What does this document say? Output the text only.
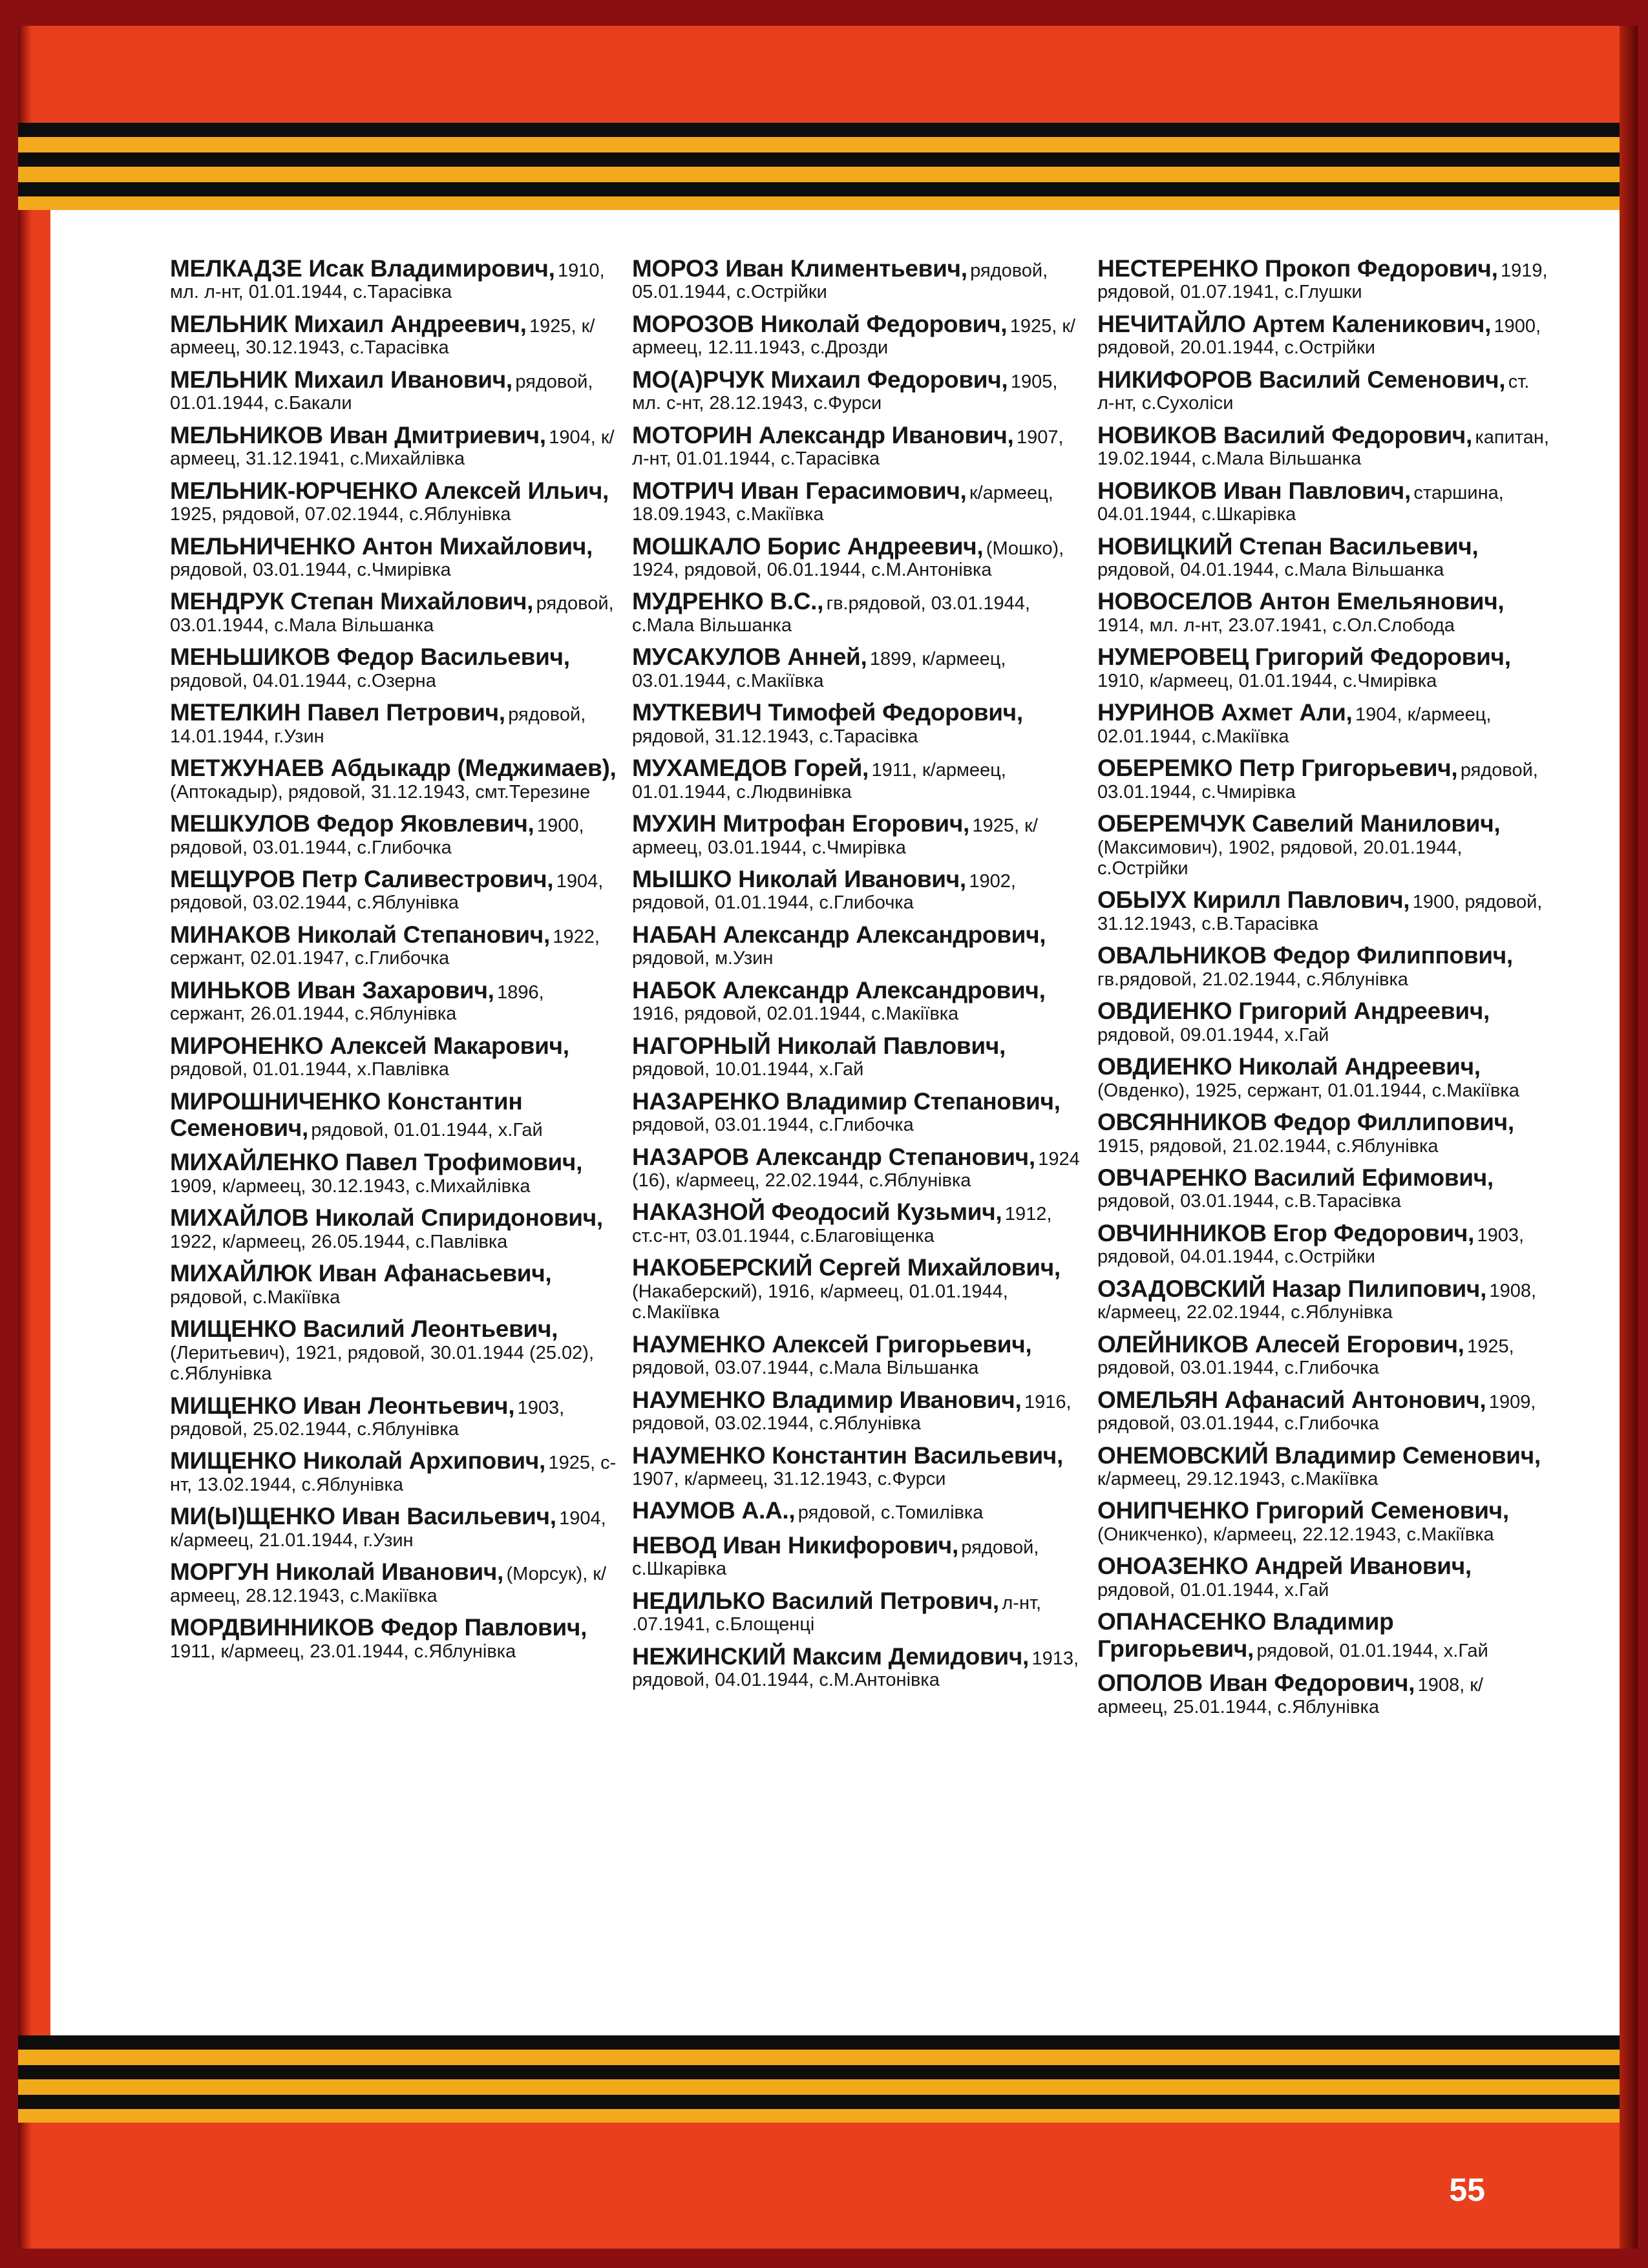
МЕЛКАДЗЕ Исак Владимирович, 1910, мл. л-нт, 01.01.1944, с.Тарасівка
МЕЛЬНИК Михаил Андреевич, 1925, к/армеец, 30.12.1943, с.Тарасівка
МЕЛЬНИК Михаил Иванович, рядовой, 01.01.1944, с.Бакали
МЕЛЬНИКОВ Иван Дмитриевич, 1904, к/армеец, 31.12.1941, с.Михайлівка
МЕЛЬНИК-ЮРЧЕНКО Алексей Ильич, 1925, рядовой, 07.02.1944, с.Яблунівка
МЕЛЬНИЧЕНКО Антон Михайлович, рядовой, 03.01.1944, с.Чмирівка
МЕНДРУК Степан Михайлович, рядовой, 03.01.1944, с.Мала Вільшанка
МЕНЬШИКОВ Федор Васильевич, рядовой, 04.01.1944, с.Озерна
МЕТЕЛКИН Павел Петрович, рядовой, 14.01.1944, г.Узин
МЕТЖУНАЕВ Абдыкадр (Меджимаев), (Аптокадыр), рядовой, 31.12.1943, смт.Терезине
МЕШКУЛОВ Федор Яковлевич, 1900, рядовой, 03.01.1944, с.Глибочка
МЕЩУРОВ Петр Саливестрович, 1904, рядовой, 03.02.1944, с.Яблунівка
МИНАКОВ Николай Степанович, 1922, сержант, 02.01.1947, с.Глибочка
МИНЬКОВ Иван Захарович, 1896, сержант, 26.01.1944, с.Яблунівка
МИРОНЕНКО Алексей Макарович, рядовой, 01.01.1944, х.Павлівка
МИРОШНИЧЕНКО Константин Семенович, рядовой, 01.01.1944, х.Гай
МИХАЙЛЕНКО Павел Трофимович, 1909, к/армеец, 30.12.1943, с.Михайлівка
МИХАЙЛОВ Николай Спиридонович, 1922, к/армеец, 26.05.1944, с.Павлівка
МИХАЙЛЮК Иван Афанасьевич, рядовой, с.Макіївка
МИЩЕНКО Василий Леонтьевич, (Леритьевич), 1921, рядовой, 30.01.1944 (25.02), с.Яблунівка
МИЩЕНКО Иван Леонтьевич, 1903, рядовой, 25.02.1944, с.Яблунівка
МИЩЕНКО Николай Архипович, 1925, с-нт, 13.02.1944, с.Яблунівка
МИ(Ы)ЩЕНКО Иван Васильевич, 1904, к/армеец, 21.01.1944, г.Узин
МОРГУН Николай Иванович, (Морсук), к/армеец, 28.12.1943, с.Макіївка
МОРДВИННИКОВ Федор Павлович, 1911, к/армеец, 23.01.1944, с.Яблунівка
МОРОЗ Иван Климентьевич, рядовой, 05.01.1944, с.Острійки
МОРОЗОВ Николай Федорович, 1925, к/армеец, 12.11.1943, с.Дрозди
МО(А)РЧУК Михаил Федорович, 1905, мл. с-нт, 28.12.1943, с.Фурси
МОТОРИН Александр Иванович, 1907, л-нт, 01.01.1944, с.Тарасівка
МОТРИЧ Иван Герасимович, к/армеец, 18.09.1943, с.Макіївка
МОШКАЛО Борис Андреевич, (Мошко), 1924, рядовой, 06.01.1944, с.М.Антонівка
МУДРЕНКО В.С., гв.рядовой, 03.01.1944, с.Мала Вільшанка
МУСАКУЛОВ Анней, 1899, к/армеец, 03.01.1944, с.Макіївка
МУТКЕВИЧ Тимофей Федорович, рядовой, 31.12.1943, с.Тарасівка
МУХАМЕДОВ Горей, 1911, к/армеец, 01.01.1944, с.Людвинівка
МУХИН Митрофан Егорович, 1925, к/армеец, 03.01.1944, с.Чмирівка
МЫШКО Николай Иванович, 1902, рядовой, 01.01.1944, с.Глибочка
НАБАН Александр Александрович, рядовой, м.Узин
НАБОК Александр Александрович, 1916, рядовой, 02.01.1944, с.Макіївка
НАГОРНЫЙ Николай Павлович, рядовой, 10.01.1944, х.Гай
НАЗАРЕНКО Владимир Степанович, рядовой, 03.01.1944, с.Глибочка
НАЗАРОВ Александр Степанович, 1924 (16), к/армеец, 22.02.1944, с.Яблунівка
НАКАЗНОЙ Феодосий Кузьмич, 1912, ст.с-нт, 03.01.1944, с.Благовіщенка
НАКОБЕРСКИЙ Сергей Михайлович, (Накаберский), 1916, к/армеец, 01.01.1944, с.Макіївка
НАУМЕНКО Алексей Григорьевич, рядовой, 03.07.1944, с.Мала Вільшанка
НАУМЕНКО Владимир Иванович, 1916, рядовой, 03.02.1944, с.Яблунівка
НАУМЕНКО Константин Васильевич, 1907, к/армеец, 31.12.1943, с.Фурси
НАУМОВ А.А., рядовой, с.Томилівка
НЕВОД Иван Никифорович, рядовой, с.Шкарівка
НЕДИЛЬКО Василий Петрович, л-нт, .07.1941, с.Блощенці
НЕЖИНСКИЙ Максим Демидович, 1913, рядовой, 04.01.1944, с.М.Антонівка
НЕСТЕРЕНКО Прокоп Федорович, 1919, рядовой, 01.07.1941, с.Глушки
НЕЧИТАЙЛО Артем Каленикович, 1900, рядовой, 20.01.1944, с.Острійки
НИКИФОРОВ Василий Семенович, ст. л-нт, с.Сухоліси
НОВИКОВ Василий Федорович, капитан, 19.02.1944, с.Мала Вільшанка
НОВИКОВ Иван Павлович, старшина, 04.01.1944, с.Шкарівка
НОВИЦКИЙ Степан Васильевич, рядовой, 04.01.1944, с.Мала Вільшанка
НОВОСЕЛОВ Антон Емельянович, 1914, мл. л-нт, 23.07.1941, с.Ол.Слобода
НУМЕРОВЕЦ Григорий Федорович, 1910, к/армеец, 01.01.1944, с.Чмирівка
НУРИНОВ Ахмет Али, 1904, к/армеец, 02.01.1944, с.Макіївка
ОБЕРЕМКО Петр Григорьевич, рядовой, 03.01.1944, с.Чмирівка
ОБЕРЕМЧУК Савелий Манилович, (Максимович), 1902, рядовой, 20.01.1944, с.Острійки
ОБЫУХ Кирилл Павлович, 1900, рядовой, 31.12.1943, с.В.Тарасівка
ОВАЛЬНИКОВ Федор Филиппович, гв.рядовой, 21.02.1944, с.Яблунівка
ОВДИЕНКО Григорий Андреевич, рядовой, 09.01.1944, х.Гай
ОВДИЕНКО Николай Андреевич, (Овденко), 1925, сержант, 01.01.1944, с.Макіївка
ОВСЯННИКОВ Федор Филлипович, 1915, рядовой, 21.02.1944, с.Яблунівка
ОВЧАРЕНКО Василий Ефимович, рядовой, 03.01.1944, с.В.Тарасівка
ОВЧИННИКОВ Егор Федорович, 1903, рядовой, 04.01.1944, с.Острійки
ОЗАДОВСКИЙ Назар Пилипович, 1908, к/армеец, 22.02.1944, с.Яблунівка
ОЛЕЙНИКОВ Алесей Егорович, 1925, рядовой, 03.01.1944, с.Глибочка
ОМЕЛЬЯН Афанасий Антонович, 1909, рядовой, 03.01.1944, с.Глибочка
ОНЕМОВСКИЙ Владимир Семенович, к/армеец, 29.12.1943, с.Макіївка
ОНИПЧЕНКО Григорий Семенович, (Оникченко), к/армеец, 22.12.1943, с.Макіївка
ОНОАЗЕНКО Андрей Иванович, рядовой, 01.01.1944, х.Гай
ОПАНАСЕНКО Владимир Григорьевич, рядовой, 01.01.1944, х.Гай
ОПОЛОВ Иван Федорович, 1908, к/армеец, 25.01.1944, с.Яблунівка
55
